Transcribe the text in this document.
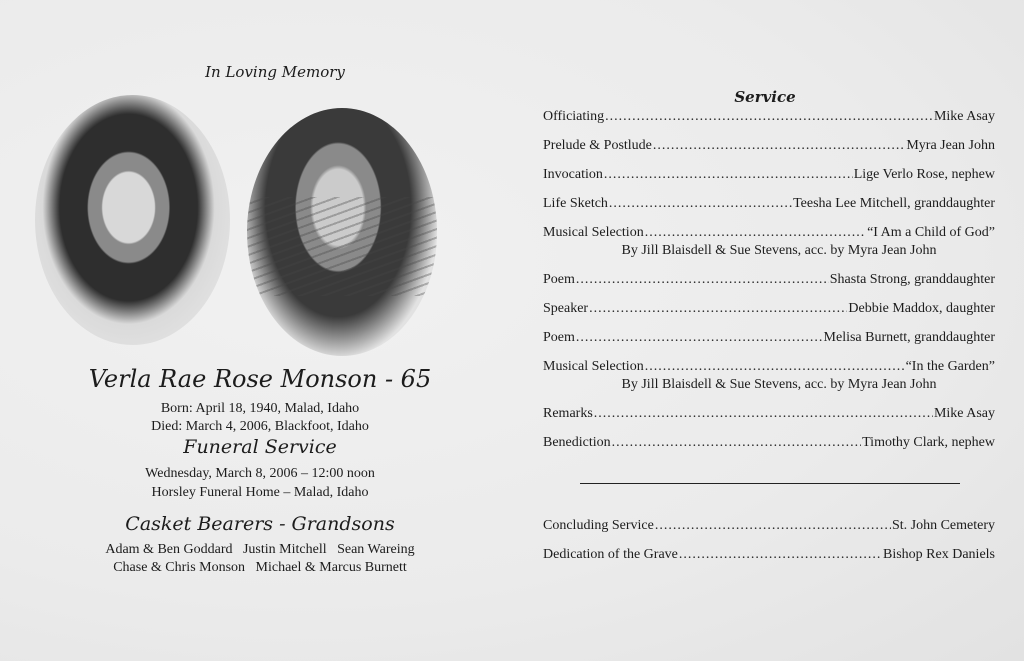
In Loving Memory
Verla Rae Rose Monson - 65
Born: April 18, 1940, Malad, Idaho
Died: March 4, 2006, Blackfoot, Idaho
Funeral Service
Wednesday, March 8, 2006 – 12:00 noon
Horsley Funeral Home – Malad, Idaho
Casket Bearers - Grandsons
Adam & Ben Goddard   Justin Mitchell   Sean Wareing
Chase & Chris Monson   Michael & Marcus Burnett
Service
Officiating .....	Mike Asay
Prelude & Postlude .....	Myra Jean John
Invocation .....	Lige Verlo Rose, nephew
Life Sketch .....	Teesha Lee Mitchell, granddaughter
Musical Selection .....	“I Am a Child of God”
By Jill Blaisdell & Sue Stevens, acc. by Myra Jean John
Poem .....	Shasta Strong, granddaughter
Speaker .....	Debbie Maddox, daughter
Poem .....	Melisa Burnett, granddaughter
Musical Selection .....	“In the Garden”
By Jill Blaisdell & Sue Stevens, acc. by Myra Jean John
Remarks .....	Mike Asay
Benediction .....	Timothy Clark, nephew
Concluding Service .....	St. John Cemetery
Dedication of the Grave .....	Bishop Rex Daniels
